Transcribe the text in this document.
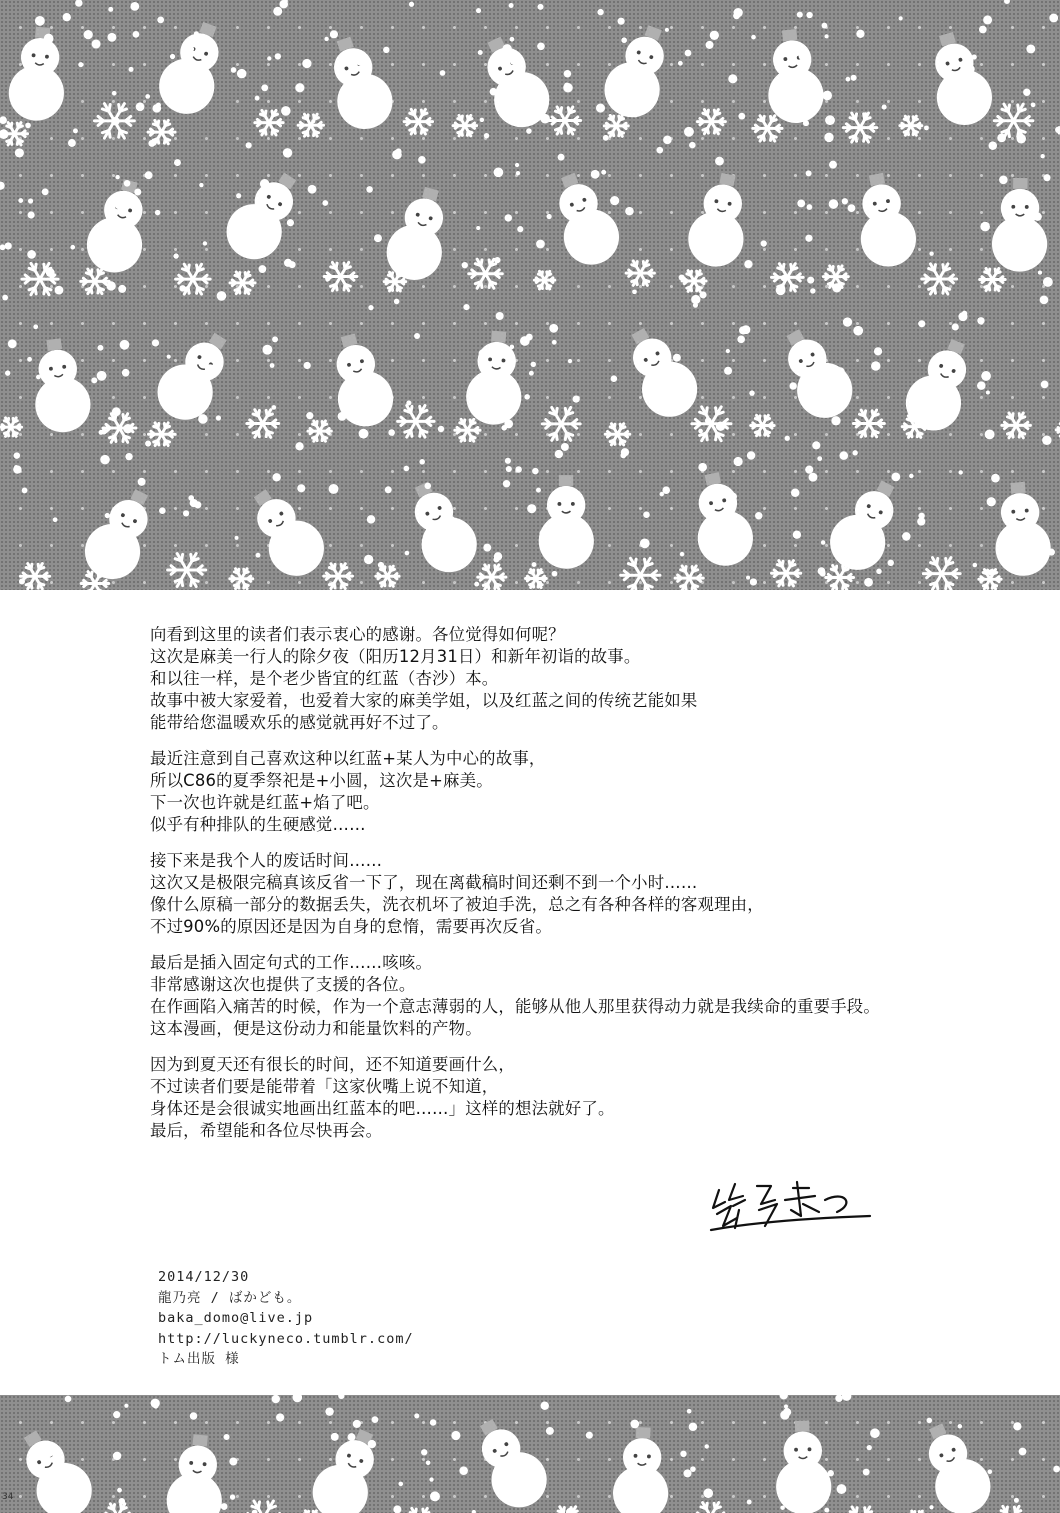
向看到这里的读者们表示衷心的感谢。各位觉得如何呢？
这次是麻美一行人的除夕夜（阳历12月31日）和新年初诣的故事。
和以往一样，是个老少皆宜的红蓝（杏沙）本。
故事中被大家爱着，也爱着大家的麻美学姐，以及红蓝之间的传统艺能如果
能带给您温暖欢乐的感觉就再好不过了。

最近注意到自己喜欢这种以红蓝+某人为中心的故事，
所以C86的夏季祭祀是+小圆，这次是+麻美。
下一次也许就是红蓝+焰了吧。
似乎有种排队的生硬感觉……

接下来是我个人的废话时间……
这次又是极限完稿真该反省一下了，现在离截稿时间还剩不到一个小时……
像什么原稿一部分的数据丢失，洗衣机坏了被迫手洗，总之有各种各样的客观理由，
不过90%的原因还是因为自身的怠惰，需要再次反省。

最后是插入固定句式的工作……咳咳。
非常感谢这次也提供了支援的各位。
在作画陷入痛苦的时候，作为一个意志薄弱的人，能够从他人那里获得动力就是我续命的重要手段。
这本漫画，便是这份动力和能量饮料的产物。

因为到夏天还有很长的时间，还不知道要画什么，
不过读者们要是能带着「这家伙嘴上说不知道，
身体还是会很诚实地画出红蓝本的吧……」这样的想法就好了。
最后，希望能和各位尽快再会。

2014/12/30
龍乃亮 / ばかども。
baka_domo@live.jp
http://luckyneco.tumblr.com/
トム出版 様
34
